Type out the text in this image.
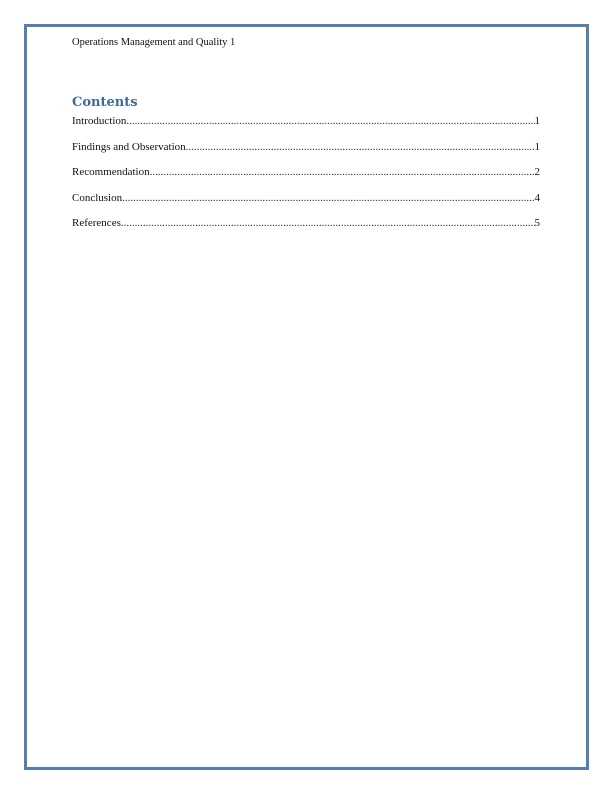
Operations Management and Quality 1
Contents
Introduction .....	1
Findings and Observation .....	1
Recommendation .....	2
Conclusion .....	4
References .....	5
